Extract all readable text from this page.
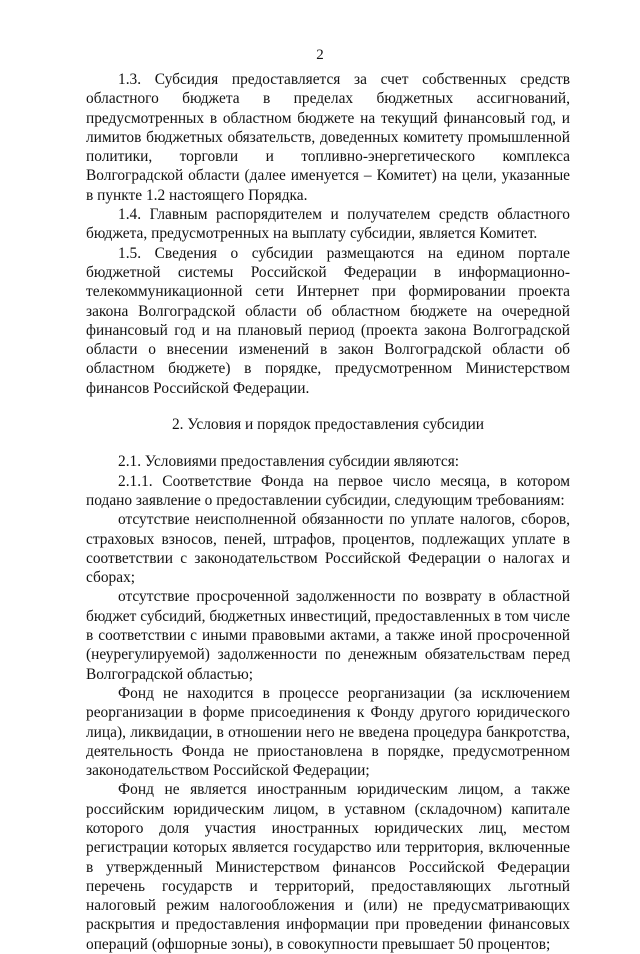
2

1.3. Субсидия предоставляется за счет собственных средств областного бюджета в пределах бюджетных ассигнований, предусмотренных в областном бюджете на текущий финансовый год, и лимитов бюджетных обязательств, доведенных комитету промышленной политики, торговли и топливно-энергетического комплекса Волгоградской области (далее именуется – Комитет) на цели, указанные в пункте 1.2 настоящего Порядка.

1.4. Главным распорядителем и получателем средств областного бюджета, предусмотренных на выплату субсидии, является Комитет.

1.5. Сведения о субсидии размещаются на едином портале бюджетной системы Российской Федерации в информационно-телекоммуникационной сети Интернет при формировании проекта закона Волгоградской области об областном бюджете на очередной финансовый год и на плановый период (проекта закона Волгоградской области о внесении изменений в закон Волгоградской области об областном бюджете) в порядке, предусмотренном Министерством финансов Российской Федерации.

2. Условия и порядок предоставления субсидии

2.1. Условиями предоставления субсидии являются:

2.1.1. Соответствие Фонда на первое число месяца, в котором подано заявление о предоставлении субсидии, следующим требованиям:

отсутствие неисполненной обязанности по уплате налогов, сборов, страховых взносов, пеней, штрафов, процентов, подлежащих уплате в соответствии с законодательством Российской Федерации о налогах и сборах;

отсутствие просроченной задолженности по возврату в областной бюджет субсидий, бюджетных инвестиций, предоставленных в том числе в соответствии с иными правовыми актами, а также иной просроченной (неурегулируемой) задолженности по денежным обязательствам перед Волгоградской областью;

Фонд не находится в процессе реорганизации (за исключением реорганизации в форме присоединения к Фонду другого юридического лица), ликвидации, в отношении него не введена процедура банкротства, деятельность Фонда не приостановлена в порядке, предусмотренном законодательством Российской Федерации;

Фонд не является иностранным юридическим лицом, а также российским юридическим лицом, в уставном (складочном) капитале которого доля участия иностранных юридических лиц, местом регистрации которых является государство или территория, включенные в утвержденный Министерством финансов Российской Федерации перечень государств и территорий, предоставляющих льготный налоговый режим налогообложения и (или) не предусматривающих раскрытия и предоставления информации при проведении финансовых операций (офшорные зоны), в совокупности превышает 50 процентов;
